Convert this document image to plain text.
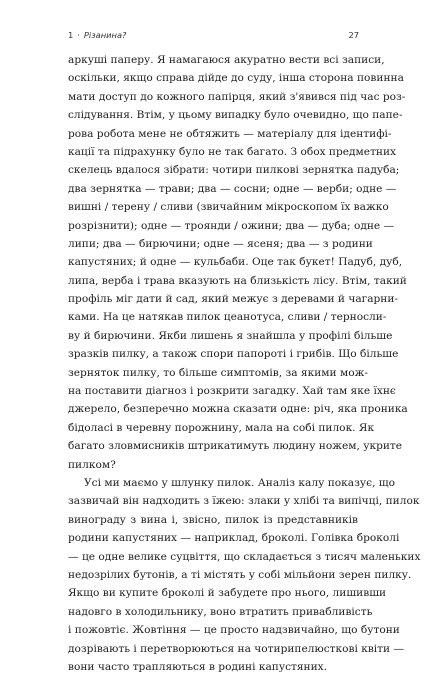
1 · Різанина?	27
аркуші паперу. Я намагаюся акуратно вести всі записи,
оскільки, якщо справа дійде до суду, інша сторона повинна
мати доступ до кожного папірця, який з'явився під час роз-
слідування. Втім, у цьому випадку було очевидно, що папе-
рова робота мене не обтяжить — матеріалу для ідентифі-
кації та підрахунку було не так багато. З обох предметних
скелець вдалося зібрати: чотири пилкові зернятка падуба;
два зернятка — трави; два — сосни; одне — верби; одне —
вишні / терену / сливи (звичайним мікроскопом їх важко
розрізнити); одне — троянди / ожини; два — дуба; одне —
липи; два — бирючини; одне — ясеня; два — з родини
капустяних; й одне — кульбаби. Оце так букет! Падуб, дуб,
липа, верба і трава вказують на близькість лісу. Втім, такий
профіль міг дати й сад, який межує з деревами й чагарни-
ками. На це натякав пилок цеанотуса, сливи / терносли-
ву й бирючини. Якби лишень я знайшла у профілі більше
зразків пилку, а також спори папороті і грибів. Що більше
зерняток пилку, то більше симптомів, за якими мож-
на поставити діагноз і розкрити загадку. Хай там яке їхнє
джерело, безперечно можна сказати одне: річ, яка проника
бідоласі в черевну порожнину, мала на собі пилок. Як
багато зловмисників штрикатимуть людину ножем, укрите
пилком?
Усі ми маємо у шлунку пилок. Аналіз калу показує, що
зазвичай він надходить з їжею: злаки у хлібі та випічці, пилок
винограду з вина і, звісно, пилок із представників
родини капустяних — наприклад, броколі. Голівка броколі
— це одне велике суцвіття, що складається з тисяч маленьких
недозрілих бутонів, а ті містять у собі мільйони зерен пилку.
Якщо ви купите броколі й забудете про нього, лишивши
надовго в холодильнику, воно втратить привабливість
і пожовтіє. Жовтіння — це просто надзвичайно, що бутони
дозрівають і перетворюються на чотирипелюсткові квіти —
вони часто трапляються в родині капустяних.
